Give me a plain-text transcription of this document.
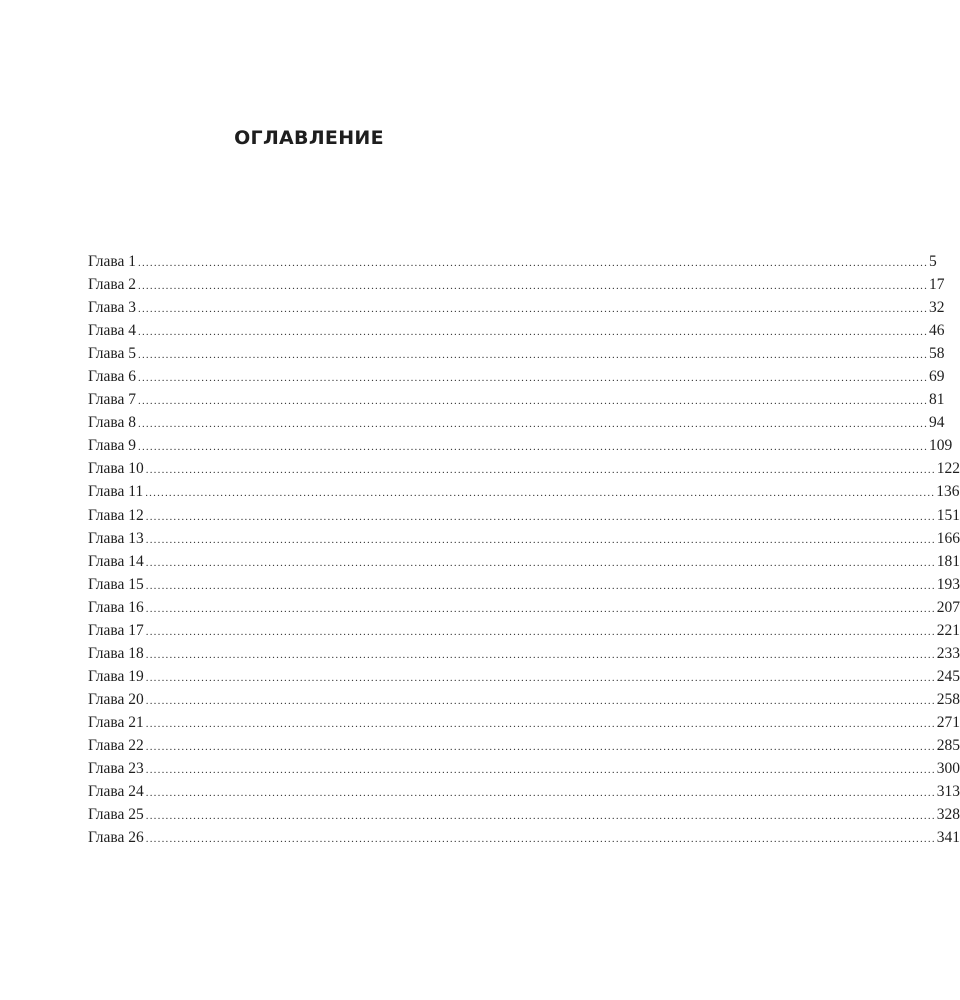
ОГЛАВЛЕНИЕ
Глава 1 ........................................................................................................................................................................................................ 5
Глава 2 ........................................................................................................................................................................................................ 17
Глава 3 ........................................................................................................................................................................................................ 32
Глава 4 ........................................................................................................................................................................................................ 46
Глава 5 ........................................................................................................................................................................................................ 58
Глава 6 ........................................................................................................................................................................................................ 69
Глава 7 ........................................................................................................................................................................................................ 81
Глава 8 ........................................................................................................................................................................................................ 94
Глава 9 ........................................................................................................................................................................................................ 109
Глава 10 ........................................................................................................................................................................................................ 122
Глава 11 ........................................................................................................................................................................................................ 136
Глава 12 ........................................................................................................................................................................................................ 151
Глава 13 ........................................................................................................................................................................................................ 166
Глава 14 ........................................................................................................................................................................................................ 181
Глава 15 ........................................................................................................................................................................................................ 193
Глава 16 ........................................................................................................................................................................................................ 207
Глава 17 ........................................................................................................................................................................................................ 221
Глава 18 ........................................................................................................................................................................................................ 233
Глава 19 ........................................................................................................................................................................................................ 245
Глава 20 ........................................................................................................................................................................................................ 258
Глава 21 ........................................................................................................................................................................................................ 271
Глава 22 ........................................................................................................................................................................................................ 285
Глава 23 ........................................................................................................................................................................................................ 300
Глава 24 ........................................................................................................................................................................................................ 313
Глава 25 ........................................................................................................................................................................................................ 328
Глава 26 ........................................................................................................................................................................................................ 341
